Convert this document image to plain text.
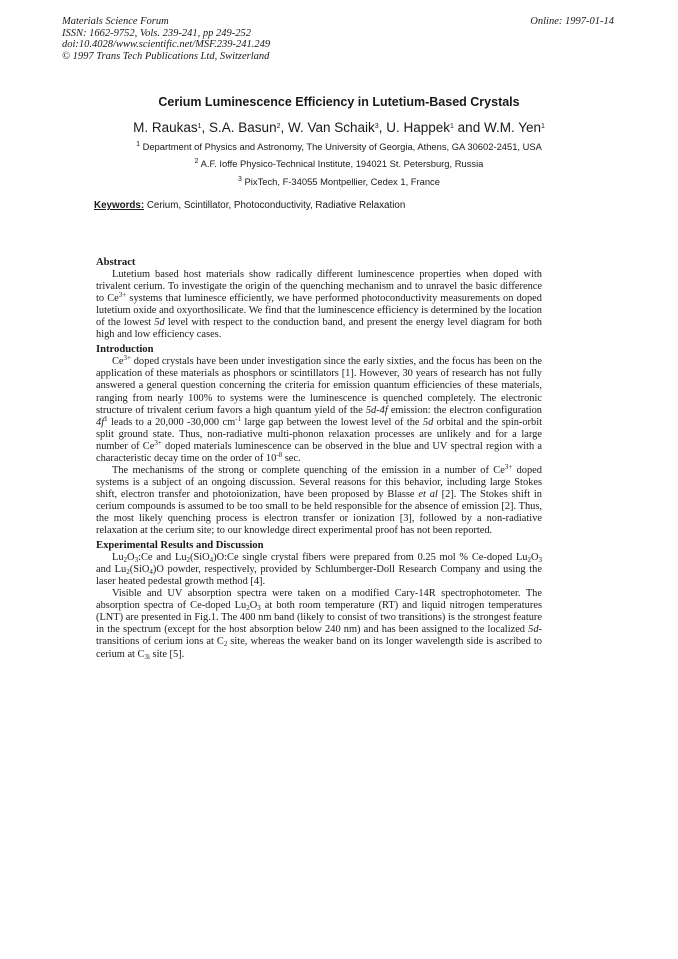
Materials Science Forum
ISSN: 1662-9752, Vols. 239-241, pp 249-252
doi:10.4028/www.scientific.net/MSF.239-241.249
© 1997 Trans Tech Publications Ltd, Switzerland
Online: 1997-01-14
Cerium Luminescence Efficiency in Lutetium-Based Crystals
M. Raukas$^1$, S.A. Basun$^2$, W. Van Schaik$^3$, U. Happek$^1$ and W.M. Yen$^1$
$^1$ Department of Physics and Astronomy, The University of Georgia, Athens, GA 30602-2451, USA
$^2$ A.F. Ioffe Physico-Technical Institute, 194021 St. Petersburg, Russia
$^3$ PixTech, F-34055 Montpellier, Cedex 1, France
Keywords: Cerium, Scintillator, Photoconductivity, Radiative Relaxation
Abstract

Lutetium based host materials show radically different luminescence properties when doped with trivalent cerium. To investigate the origin of the quenching mechanism and to unravel the basic difference to $Ce^{3+}$ systems that luminesce efficiently, we have performed photoconductivity measurements on doped lutetium oxide and oxyorthosilicate. We find that the luminescence efficiency is determined by the location of the lowest 5d level with respect to the conduction band, and present the energy level diagram for both high and low efficiency cases.

Introduction

$Ce^{3+}$ doped crystals have been under investigation since the early sixties, and the focus has been on the application of these materials as phosphors or scintillators [1]. However, 30 years of research has not fully answered a general question concerning the criteria for emission quantum efficiencies of these materials, ranging from nearly 100% to systems were the luminescence is quenched completely. The electronic structure of trivalent cerium favors a high quantum yield of the 5d-4f emission: the electron configuration $4f^1$ leads to a 20,000 -30,000 $cm^{-1}$ large gap between the lowest level of the 5d orbital and the spin-orbit split ground state. Thus, non-radiative multi-phonon relaxation processes are unlikely and for a large number of $Ce^{3+}$ doped materials luminescence can be observed in the blue and UV spectral region with a characteristic decay time on the order of $10^{-8}$ sec.

The mechanisms of the strong or complete quenching of the emission in a number of $Ce^{3+}$ doped systems is a subject of an ongoing discussion. Several reasons for this behavior, including large Stokes shift, electron transfer and photoionization, have been proposed by Blasse et al [2]. The Stokes shift in cerium compounds is assumed to be too small to be held responsible for the absence of emission [2]. Thus, the most likely quenching process is electron transfer or ionization [3], followed by a non-radiative relaxation at the cerium site; to our knowledge direct experimental proof has not been reported.

Experimental Results and Discussion

$Lu_2O_3:Ce$ and $Lu_2(SiO_4)O:Ce$ single crystal fibers were prepared from 0.25 mol % Ce-doped $Lu_2O_3$ and $Lu_2(SiO_4)O$ powder, respectively, provided by Schlumberger-Doll Research Company and using the laser heated pedestal growth method [4].

Visible and UV absorption spectra were taken on a modified Cary-14R spectrophotometer. The absorption spectra of Ce-doped $Lu_2O_3$ at both room temperature (RT) and liquid nitrogen temperatures (LNT) are presented in Fig.1. The 400 nm band (likely to consist of two transitions) is the strongest feature in the spectrum (except for the host absorption below 240 nm) and has been assigned to the localized 5d-transitions of cerium ions at $C_2$ site, whereas the weaker band on its longer wavelength side is ascribed to cerium at $C_{3i}$ site [5].
